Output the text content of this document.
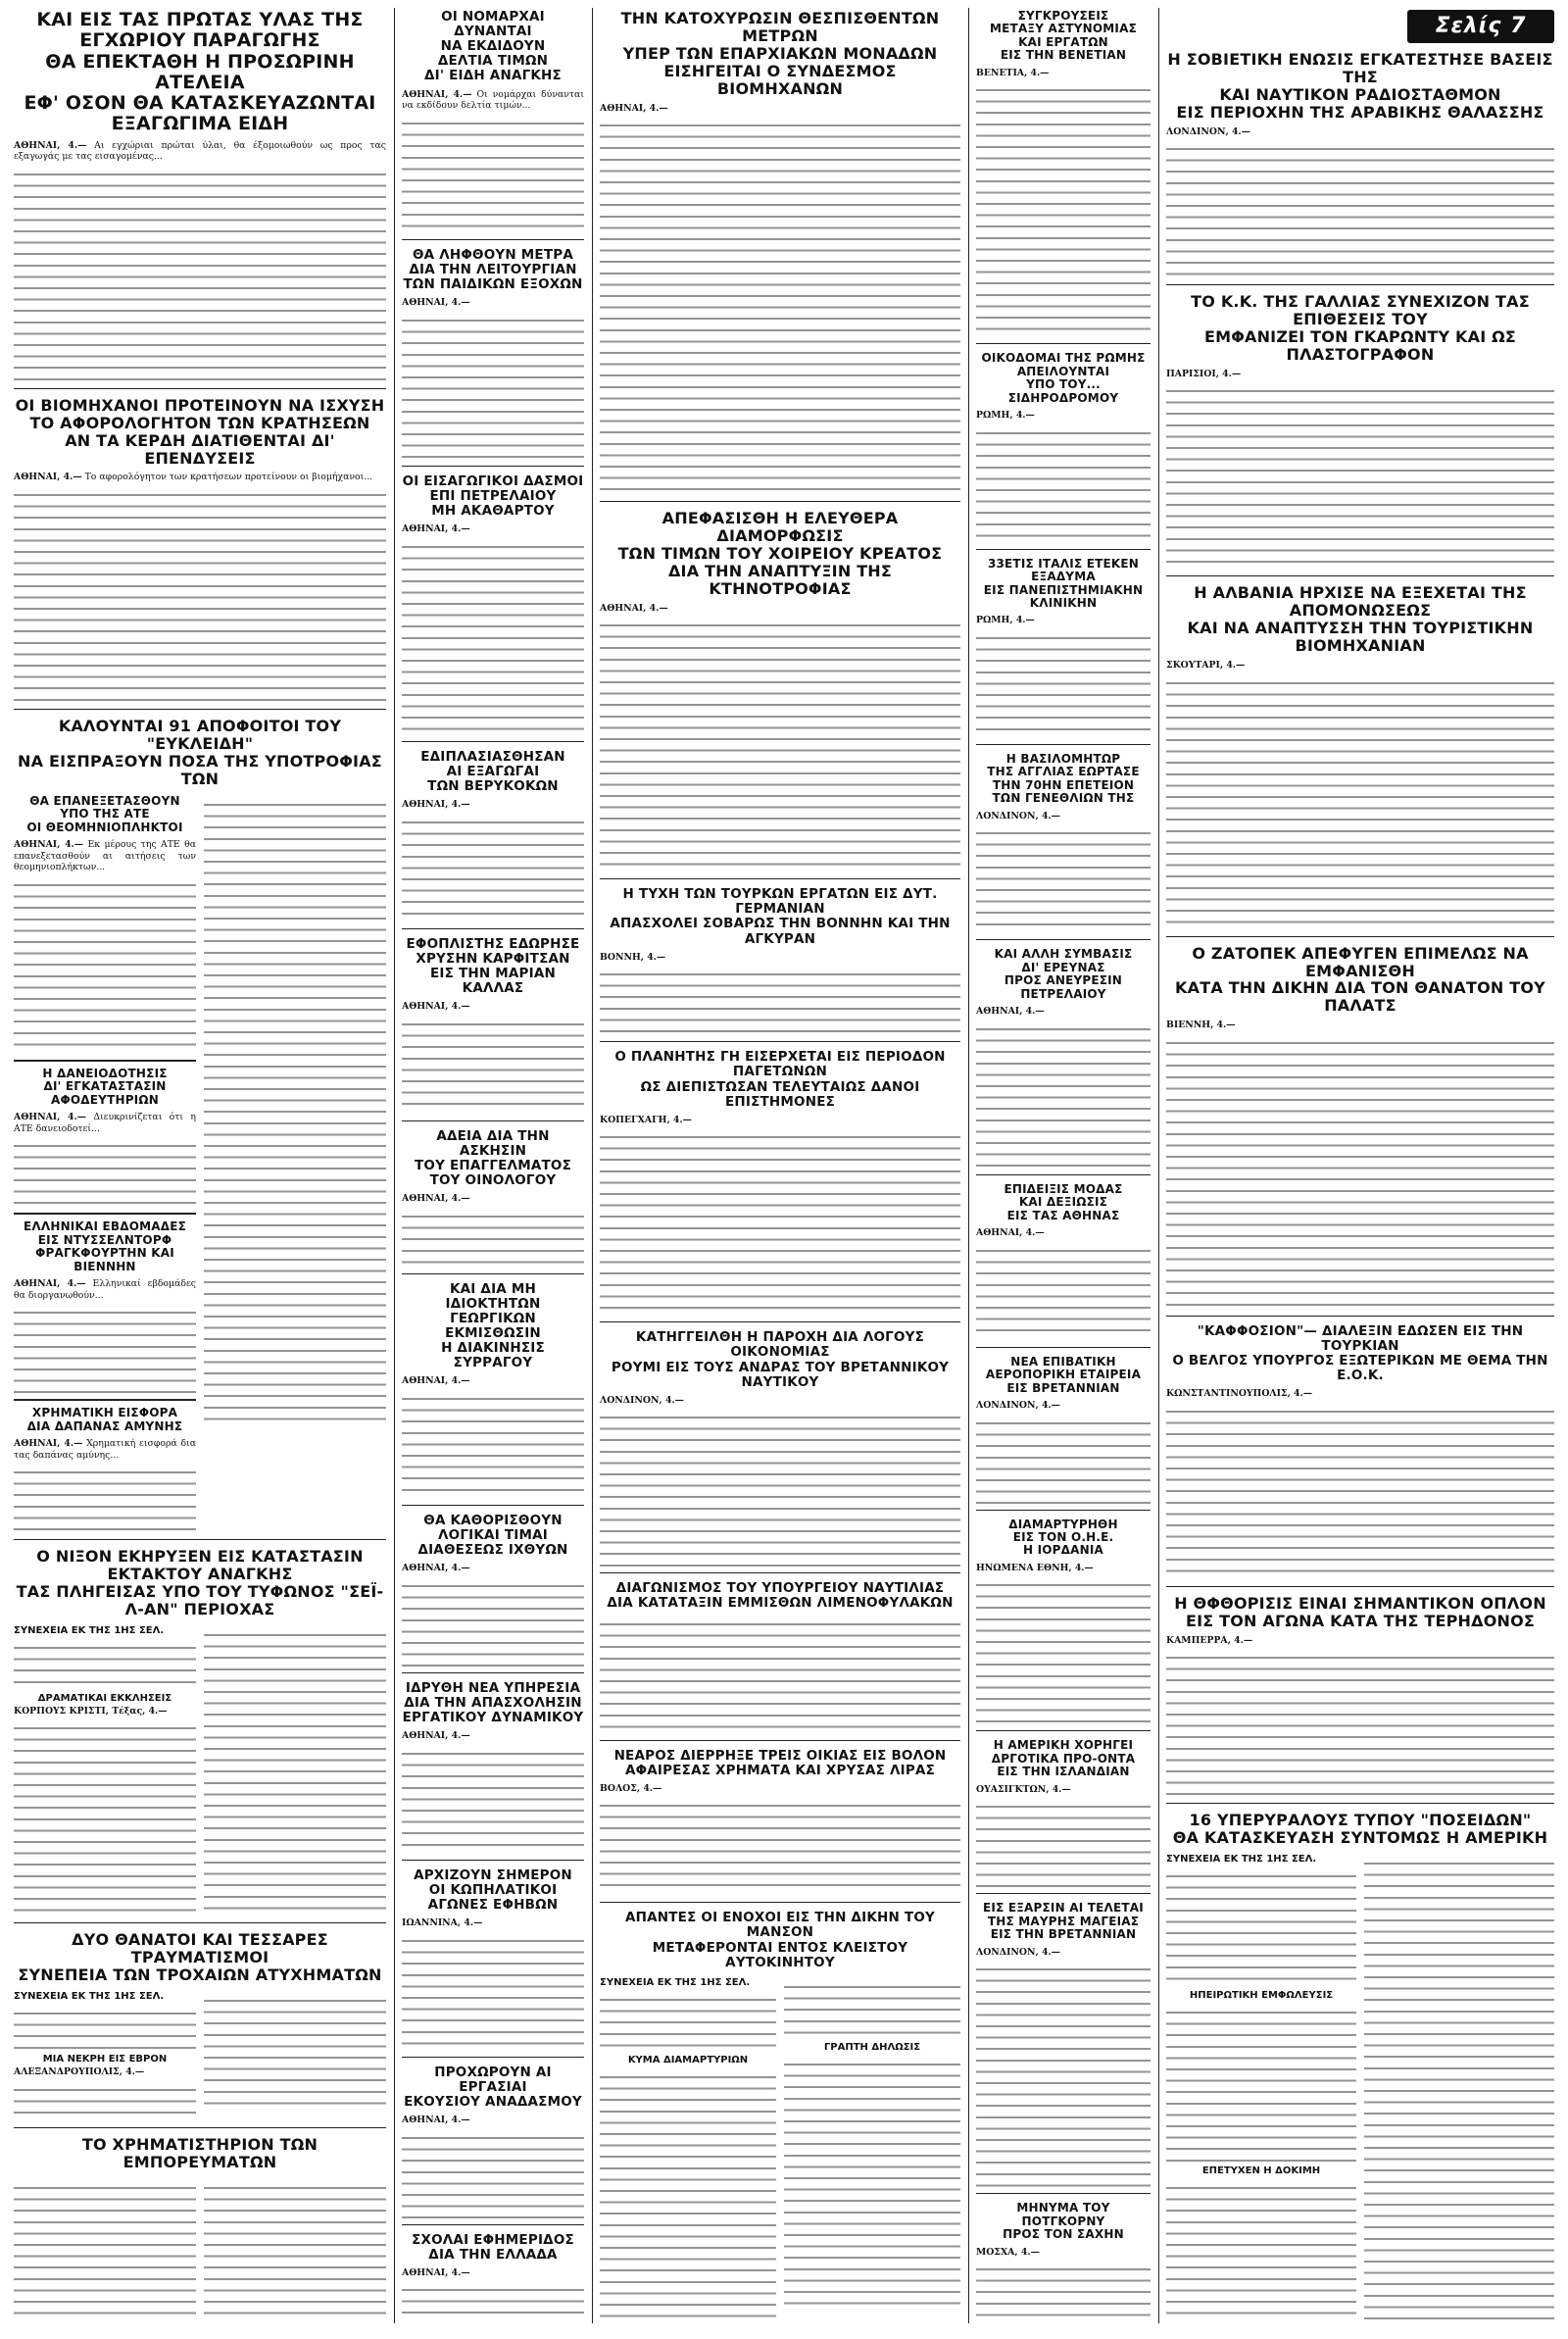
ΚΑΙ ΕΙΣ ΤΑΣ ΠΡΩΤΑΣ ΥΛΑΣ ΤΗΣ ΕΓΧΩΡΙΟΥ ΠΑΡΑΓΩΓΗΣ
ΘΑ ΕΠΕΚΤΑΘΗ Η ΠΡΟΣΩΡΙΝΗ ΑΤΕΛΕΙΑ
ΕΦ' ΟΣΟΝ ΘΑ ΚΑΤΑΣΚΕΥΑΖΩΝΤΑΙ ΕΞΑΓΩΓΙΜΑ ΕΙΔΗ

ΑΘΗΝΑΙ, 4.— Αι εγχώριαι πρώται ύλαι, θα έξομοιωθούν ως προς τας εξαγωγάς με τας εισαγομένας...

ΟΙ ΒΙΟΜΗΧΑΝΟΙ ΠΡΟΤΕΙΝΟΥΝ ΝΑ ΙΣΧΥΣΗ
ΤΟ ΑΦΟΡΟΛΟΓΗΤΟΝ ΤΩΝ ΚΡΑΤΗΣΕΩΝ
ΑΝ ΤΑ ΚΕΡΔΗ ΔΙΑΤΙΘΕΝΤΑΙ ΔΙ' ΕΠΕΝΔΥΣΕΙΣ

ΑΘΗΝΑΙ, 4.— Το αφορολόγητον των κρατήσεων προτείνουν οι βιομήχανοι...

ΚΑΛΟΥΝΤΑΙ 91 ΑΠΟΦΟΙΤΟΙ ΤΟΥ "ΕΥΚΛΕΙΔΗ"
ΝΑ ΕΙΣΠΡΑΞΟΥΝ ΠΟΣΑ ΤΗΣ ΥΠΟΤΡΟΦΙΑΣ ΤΩΝ
ΘΑ ΕΠΑΝΕΞΕΤΑΣΘΟΥΝ
ΥΠΟ ΤΗΣ ΑΤΕ
ΟΙ ΘΕΟΜΗΝΙΟΠΛΗΚΤΟΙ

ΑΘΗΝΑΙ, 4.— Εκ μέρους της ΑΤΕ θα επανεξετασθούν αι αιτήσεις των θεομηνιοπλήκτων...

Η ΔΑΝΕΙΟΔΟΤΗΣΙΣ
ΔΙ' ΕΓΚΑΤΑΣΤΑΣΙΝ
ΑΦΟΔΕΥΤΗΡΙΩΝ

ΑΘΗΝΑΙ, 4.— Διευκρινίζεται ότι η ΑΤΕ δανειοδοτεί...

ΕΛΛΗΝΙΚΑΙ ΕΒΔΟΜΑΔΕΣ
ΕΙΣ ΝΤΥΣΣΕΛΝΤΟΡΦ
ΦΡΑΓΚΦΟΥΡΤΗΝ ΚΑΙ ΒΙΕΝΝΗΝ

ΑΘΗΝΑΙ, 4.— Ελληνικαί εβδομάδες θα διοργανωθούν...

ΧΡΗΜΑΤΙΚΗ ΕΙΣΦΟΡΑ
ΔΙΑ ΔΑΠΑΝΑΣ ΑΜΥΝΗΣ

ΑΘΗΝΑΙ, 4.— Χρηματική εισφορά δια τας δαπάνας αμύνης...

Ο ΝΙΞΟΝ ΕΚΗΡΥΞΕΝ ΕΙΣ ΚΑΤΑΣΤΑΣΙΝ ΕΚΤΑΚΤΟΥ ΑΝΑΓΚΗΣ
ΤΑΣ ΠΛΗΓΕΙΣΑΣ ΥΠΟ ΤΟΥ ΤΥΦΩΝΟΣ "ΣΕΪ-Λ-ΑΝ" ΠΕΡΙΟΧΑΣ
ΣΥΝΕΧΕΙΑ ΕΚ ΤΗΣ 1ΗΣ ΣΕΛ.
ΔΡΑΜΑΤΙΚΑΙ ΕΚΚΛΗΣΕΙΣ

ΚΟΡΠΟΥΣ ΚΡΙΣΤΙ, Τέξας, 4.—

ΔΥΟ ΘΑΝΑΤΟΙ ΚΑΙ ΤΕΣΣΑΡΕΣ ΤΡΑΥΜΑΤΙΣΜΟΙ
ΣΥΝΕΠΕΙΑ ΤΩΝ ΤΡΟΧΑΙΩΝ ΑΤΥΧΗΜΑΤΩΝ
ΣΥΝΕΧΕΙΑ ΕΚ ΤΗΣ 1ΗΣ ΣΕΛ.
ΜΙΑ ΝΕΚΡΗ ΕΙΣ ΕΒΡΟΝ

ΑΛΕΞΑΝΔΡΟΥΠΟΛΙΣ, 4.—

ΤΟ ΧΡΗΜΑΤΙΣΤΗΡΙΟΝ ΤΩΝ ΕΜΠΟΡΕΥΜΑΤΩΝ
ΟΙ ΝΟΜΑΡΧΑΙ ΔΥΝΑΝΤΑΙ
ΝΑ ΕΚΔΙΔΟΥΝ
ΔΕΛΤΙΑ ΤΙΜΩΝ
ΔΙ' ΕΙΔΗ ΑΝΑΓΚΗΣ

ΑΘΗΝΑΙ, 4.— Οι νομάρχαι δύνανται να εκδίδουν δελτία τιμών...

ΘΑ ΛΗΦΘΟΥΝ ΜΕΤΡΑ
ΔΙΑ ΤΗΝ ΛΕΙΤΟΥΡΓΙΑΝ
ΤΩΝ ΠΑΙΔΙΚΩΝ ΕΞΟΧΩΝ

ΑΘΗΝΑΙ, 4.—

ΟΙ ΕΙΣΑΓΩΓΙΚΟΙ ΔΑΣΜΟΙ
ΕΠΙ ΠΕΤΡΕΛΑΙΟΥ
ΜΗ ΑΚΑΘΑΡΤΟΥ

ΑΘΗΝΑΙ, 4.—

ΕΔΙΠΛΑΣΙΑΣΘΗΣΑΝ
ΑΙ ΕΞΑΓΩΓΑΙ
ΤΩΝ ΒΕΡΥΚΟΚΩΝ

ΑΘΗΝΑΙ, 4.—

ΕΦΟΠΛΙΣΤΗΣ ΕΔΩΡΗΣΕ
ΧΡΥΣΗΝ ΚΑΡΦΙΤΣΑΝ
ΕΙΣ ΤΗΝ ΜΑΡΙΑΝ ΚΑΛΛΑΣ

ΑΘΗΝΑΙ, 4.—

ΑΔΕΙΑ ΔΙΑ ΤΗΝ ΑΣΚΗΣΙΝ
ΤΟΥ ΕΠΑΓΓΕΛΜΑΤΟΣ
ΤΟΥ ΟΙΝΟΛΟΓΟΥ

ΑΘΗΝΑΙ, 4.—

ΚΑΙ ΔΙΑ ΜΗ ΙΔΙΟΚΤΗΤΩΝ
ΓΕΩΡΓΙΚΩΝ ΕΚΜΙΣΘΩΣΙΝ
Η ΔΙΑΚΙΝΗΣΙΣ ΣΥΡΡΑΓΟΥ

ΑΘΗΝΑΙ, 4.—

ΘΑ ΚΑΘΟΡΙΣΘΟΥΝ
ΛΟΓΙΚΑΙ ΤΙΜΑΙ
ΔΙΑΘΕΣΕΩΣ ΙΧΘΥΩΝ

ΑΘΗΝΑΙ, 4.—

ΙΔΡΥΘΗ ΝΕΑ ΥΠΗΡΕΣΙΑ
ΔΙΑ ΤΗΝ ΑΠΑΣΧΟΛΗΣΙΝ
ΕΡΓΑΤΙΚΟΥ ΔΥΝΑΜΙΚΟΥ

ΑΘΗΝΑΙ, 4.—

ΑΡΧΙΖΟΥΝ ΣΗΜΕΡΟΝ
ΟΙ ΚΩΠΗΛΑΤΙΚΟΙ
ΑΓΩΝΕΣ ΕΦΗΒΩΝ

ΙΩΑΝΝΙΝΑ, 4.—

ΠΡΟΧΩΡΟΥΝ ΑΙ ΕΡΓΑΣΙΑΙ
ΕΚΟΥΣΙΟΥ ΑΝΑΔΑΣΜΟΥ

ΑΘΗΝΑΙ, 4.—

ΣΧΟΛΑΙ ΕΦΗΜΕΡΙΔΟΣ
ΔΙΑ ΤΗΝ ΕΛΛΑΔΑ

ΑΘΗΝΑΙ, 4.—

ΤΗΝ ΚΑΤΟΧΥΡΩΣΙΝ ΘΕΣΠΙΣΘΕΝΤΩΝ ΜΕΤΡΩΝ
ΥΠΕΡ ΤΩΝ ΕΠΑΡΧΙΑΚΩΝ ΜΟΝΑΔΩΝ
ΕΙΣΗΓΕΙΤΑΙ Ο ΣΥΝΔΕΣΜΟΣ ΒΙΟΜΗΧΑΝΩΝ

ΑΘΗΝΑΙ, 4.—

ΑΠΕΦΑΣΙΣΘΗ Η ΕΛΕΥΘΕΡΑ ΔΙΑΜΟΡΦΩΣΙΣ
ΤΩΝ ΤΙΜΩΝ ΤΟΥ ΧΟΙΡΕΙΟΥ ΚΡΕΑΤΟΣ
ΔΙΑ ΤΗΝ ΑΝΑΠΤΥΞΙΝ ΤΗΣ ΚΤΗΝΟΤΡΟΦΙΑΣ

ΑΘΗΝΑΙ, 4.—

Η ΤΥΧΗ ΤΩΝ ΤΟΥΡΚΩΝ ΕΡΓΑΤΩΝ ΕΙΣ ΔΥΤ. ΓΕΡΜΑΝΙΑΝ
ΑΠΑΣΧΟΛΕΙ ΣΟΒΑΡΩΣ ΤΗΝ ΒΟΝΝΗΝ ΚΑΙ ΤΗΝ ΑΓΚΥΡΑΝ

ΒΟΝΝΗ, 4.—

Ο ΠΛΑΝΗΤΗΣ ΓΗ ΕΙΣΕΡΧΕΤΑΙ ΕΙΣ ΠΕΡΙΟΔΟΝ ΠΑΓΕΤΩΝΩΝ
ΩΣ ΔΙΕΠΙΣΤΩΣΑΝ ΤΕΛΕΥΤΑΙΩΣ ΔΑΝΟΙ ΕΠΙΣΤΗΜΟΝΕΣ

ΚΟΠΕΓΧΑΓΗ, 4.—

ΚΑΤΗΓΓΕΙΛΘΗ Η ΠΑΡΟΧΗ ΔΙΑ ΛΟΓΟΥΣ ΟΙΚΟΝΟΜΙΑΣ
ΡΟΥΜΙ ΕΙΣ ΤΟΥΣ ΑΝΔΡΑΣ ΤΟΥ ΒΡΕΤΑΝΝΙΚΟΥ ΝΑΥΤΙΚΟΥ

ΛΟΝΔΙΝΟΝ, 4.—

ΔΙΑΓΩΝΙΣΜΟΣ ΤΟΥ ΥΠΟΥΡΓΕΙΟΥ ΝΑΥΤΙΛΙΑΣ
ΔΙΑ ΚΑΤΑΤΑΞΙΝ ΕΜΜΙΣΘΩΝ ΛΙΜΕΝΟΦΥΛΑΚΩΝ
ΝΕΑΡΟΣ ΔΙΕΡΡΗΞΕ ΤΡΕΙΣ ΟΙΚΙΑΣ ΕΙΣ ΒΟΛΟΝ
ΑΦΑΙΡΕΣΑΣ ΧΡΗΜΑΤΑ ΚΑΙ ΧΡΥΣΑΣ ΛΙΡΑΣ

ΒΟΛΟΣ, 4.—

ΑΠΑΝΤΕΣ ΟΙ ΕΝΟΧΟΙ ΕΙΣ ΤΗΝ ΔΙΚΗΝ ΤΟΥ ΜΑΝΣΟΝ
ΜΕΤΑΦΕΡΟΝΤΑΙ ΕΝΤΟΣ ΚΛΕΙΣΤΟΥ ΑΥΤΟΚΙΝΗΤΟΥ
ΣΥΝΕΧΕΙΑ ΕΚ ΤΗΣ 1ΗΣ ΣΕΛ.
ΚΥΜΑ ΔΙΑΜΑΡΤΥΡΙΩΝ
ΓΡΑΠΤΗ ΔΗΛΩΣΙΣ
ΣΥΓΚΡΟΥΣΕΙΣ
ΜΕΤΑΞΥ ΑΣΤΥΝΟΜΙΑΣ
ΚΑΙ ΕΡΓΑΤΩΝ
ΕΙΣ ΤΗΝ ΒΕΝΕΤΙΑΝ

ΒΕΝΕΤΙΑ, 4.—

ΟΙΚΟΔΟΜΑΙ ΤΗΣ ΡΩΜΗΣ
ΑΠΕΙΛΟΥΝΤΑΙ
ΥΠΟ ΤΟΥ...
ΣΙΔΗΡΟΔΡΟΜΟΥ

ΡΩΜΗ, 4.—

33ΕΤΙΣ ΙΤΑΛΙΣ ΕΤΕΚΕΝ
ΕΞΑΔΥΜΑ
ΕΙΣ ΠΑΝΕΠΙΣΤΗΜΙΑΚΗΝ
ΚΛΙΝΙΚΗΝ

ΡΩΜΗ, 4.—

Η ΒΑΣΙΛΟΜΗΤΩΡ
ΤΗΣ ΑΓΓΛΙΑΣ ΕΩΡΤΑΣΕ
ΤΗΝ 70ΗΝ ΕΠΕΤΕΙΟΝ
ΤΩΝ ΓΕΝΕΘΛΙΩΝ ΤΗΣ

ΛΟΝΔΙΝΟΝ, 4.—

ΚΑΙ ΑΛΛΗ ΣΥΜΒΑΣΙΣ
ΔΙ' ΕΡΕΥΝΑΣ
ΠΡΟΣ ΑΝΕΥΡΕΣΙΝ
ΠΕΤΡΕΛΑΙΟΥ

ΑΘΗΝΑΙ, 4.—

ΕΠΙΔΕΙΞΙΣ ΜΟΔΑΣ
ΚΑΙ ΔΕΞΙΩΣΙΣ
ΕΙΣ ΤΑΣ ΑΘΗΝΑΣ

ΑΘΗΝΑΙ, 4.—

ΝΕΑ ΕΠΙΒΑΤΙΚΗ
ΑΕΡΟΠΟΡΙΚΗ ΕΤΑΙΡΕΙΑ
ΕΙΣ ΒΡΕΤΑΝΝΙΑΝ

ΛΟΝΔΙΝΟΝ, 4.—

ΔΙΑΜΑΡΤΥΡΗΘΗ
ΕΙΣ ΤΟΝ Ο.Η.Ε.
Η ΙΟΡΔΑΝΙΑ

ΗΝΩΜΕΝΑ ΕΘΝΗ, 4.—

Η ΑΜΕΡΙΚΗ ΧΟΡΗΓΕΙ
ΔΡΓΟΤΙΚΑ ΠΡΟ-ΟΝΤΑ
ΕΙΣ ΤΗΝ ΙΣΛΑΝΔΙΑΝ

ΟΥΑΣΙΓΚΤΩΝ, 4.—

ΕΙΣ ΕΞΑΡΣΙΝ ΑΙ ΤΕΛΕΤΑΙ
ΤΗΣ ΜΑΥΡΗΣ ΜΑΓΕΙΑΣ
ΕΙΣ ΤΗΝ ΒΡΕΤΑΝΝΙΑΝ

ΛΟΝΔΙΝΟΝ, 4.—

ΜΗΝΥΜΑ ΤΟΥ ΠΟΤΓΚΟΡΝΥ
ΠΡΟΣ ΤΟΝ ΣΑΧΗΝ

ΜΟΣΧΑ, 4.—

Σελίς 7
Η ΣΟΒΙΕΤΙΚΗ ΕΝΩΣΙΣ ΕΓΚΑΤΕΣΤΗΣΕ ΒΑΣΕΙΣ ΤΗΣ
ΚΑΙ ΝΑΥΤΙΚΟΝ ΡΑΔΙΟΣΤΑΘΜΟΝ
ΕΙΣ ΠΕΡΙΟΧΗΝ ΤΗΣ ΑΡΑΒΙΚΗΣ ΘΑΛΑΣΣΗΣ

ΛΟΝΔΙΝΟΝ, 4.—

ΤΟ Κ.Κ. ΤΗΣ ΓΑΛΛΙΑΣ ΣΥΝΕΧΙΖΟΝ ΤΑΣ ΕΠΙΘΕΣΕΙΣ ΤΟΥ
ΕΜΦΑΝΙΖΕΙ ΤΟΝ ΓΚΑΡΩΝΤΥ ΚΑΙ ΩΣ ΠΛΑΣΤΟΓΡΑΦΟΝ

ΠΑΡΙΣΙΟΙ, 4.—

Η ΑΛΒΑΝΙΑ ΗΡΧΙΣΕ ΝΑ ΕΞΕΧΕΤΑΙ ΤΗΣ ΑΠΟΜΟΝΩΣΕΩΣ
ΚΑΙ ΝΑ ΑΝΑΠΤΥΣΣΗ ΤΗΝ ΤΟΥΡΙΣΤΙΚΗΝ ΒΙΟΜΗΧΑΝΙΑΝ

ΣΚΟΥΤΑΡΙ, 4.—

Ο ΖΑΤΟΠΕΚ ΑΠΕΦΥΓΕΝ ΕΠΙΜΕΛΩΣ ΝΑ ΕΜΦΑΝΙΣΘΗ
ΚΑΤΑ ΤΗΝ ΔΙΚΗΝ ΔΙΑ ΤΟΝ ΘΑΝΑΤΟΝ ΤΟΥ ΠΑΛΑΤΣ

ΒΙΕΝΝΗ, 4.—

"ΚΑΦΦΟΣΙΟΝ"— ΔΙΑΛΕΞΙΝ ΕΔΩΣΕΝ ΕΙΣ ΤΗΝ ΤΟΥΡΚΙΑΝ
Ο ΒΕΛΓΟΣ ΥΠΟΥΡΓΟΣ ΕΞΩΤΕΡΙΚΩΝ ΜΕ ΘΕΜΑ ΤΗΝ Ε.Ο.Κ.

ΚΩΝΣΤΑΝΤΙΝΟΥΠΟΛΙΣ, 4.—

Η ΘΦΘΟΡΙΣΙΣ ΕΙΝΑΙ ΣΗΜΑΝΤΙΚΟΝ ΟΠΛΟΝ
ΕΙΣ ΤΟΝ ΑΓΩΝΑ ΚΑΤΑ ΤΗΣ ΤΕΡΗΔΟΝΟΣ

ΚΑΜΠΕΡΡΑ, 4.—

16 ΥΠΕΡΥΡΑΛΟΥΣ ΤΥΠΟΥ "ΠΟΣΕΙΔΩΝ"
ΘΑ ΚΑΤΑΣΚΕΥΑΣΗ ΣΥΝΤΟΜΩΣ Η ΑΜΕΡΙΚΗ
ΣΥΝΕΧΕΙΑ ΕΚ ΤΗΣ 1ΗΣ ΣΕΛ.
ΗΠΕΙΡΩΤΙΚΗ ΕΜΦΩΛΕΥΣΙΣ
ΕΠΕΤΥΧΕΝ Η ΔΟΚΙΜΗ
